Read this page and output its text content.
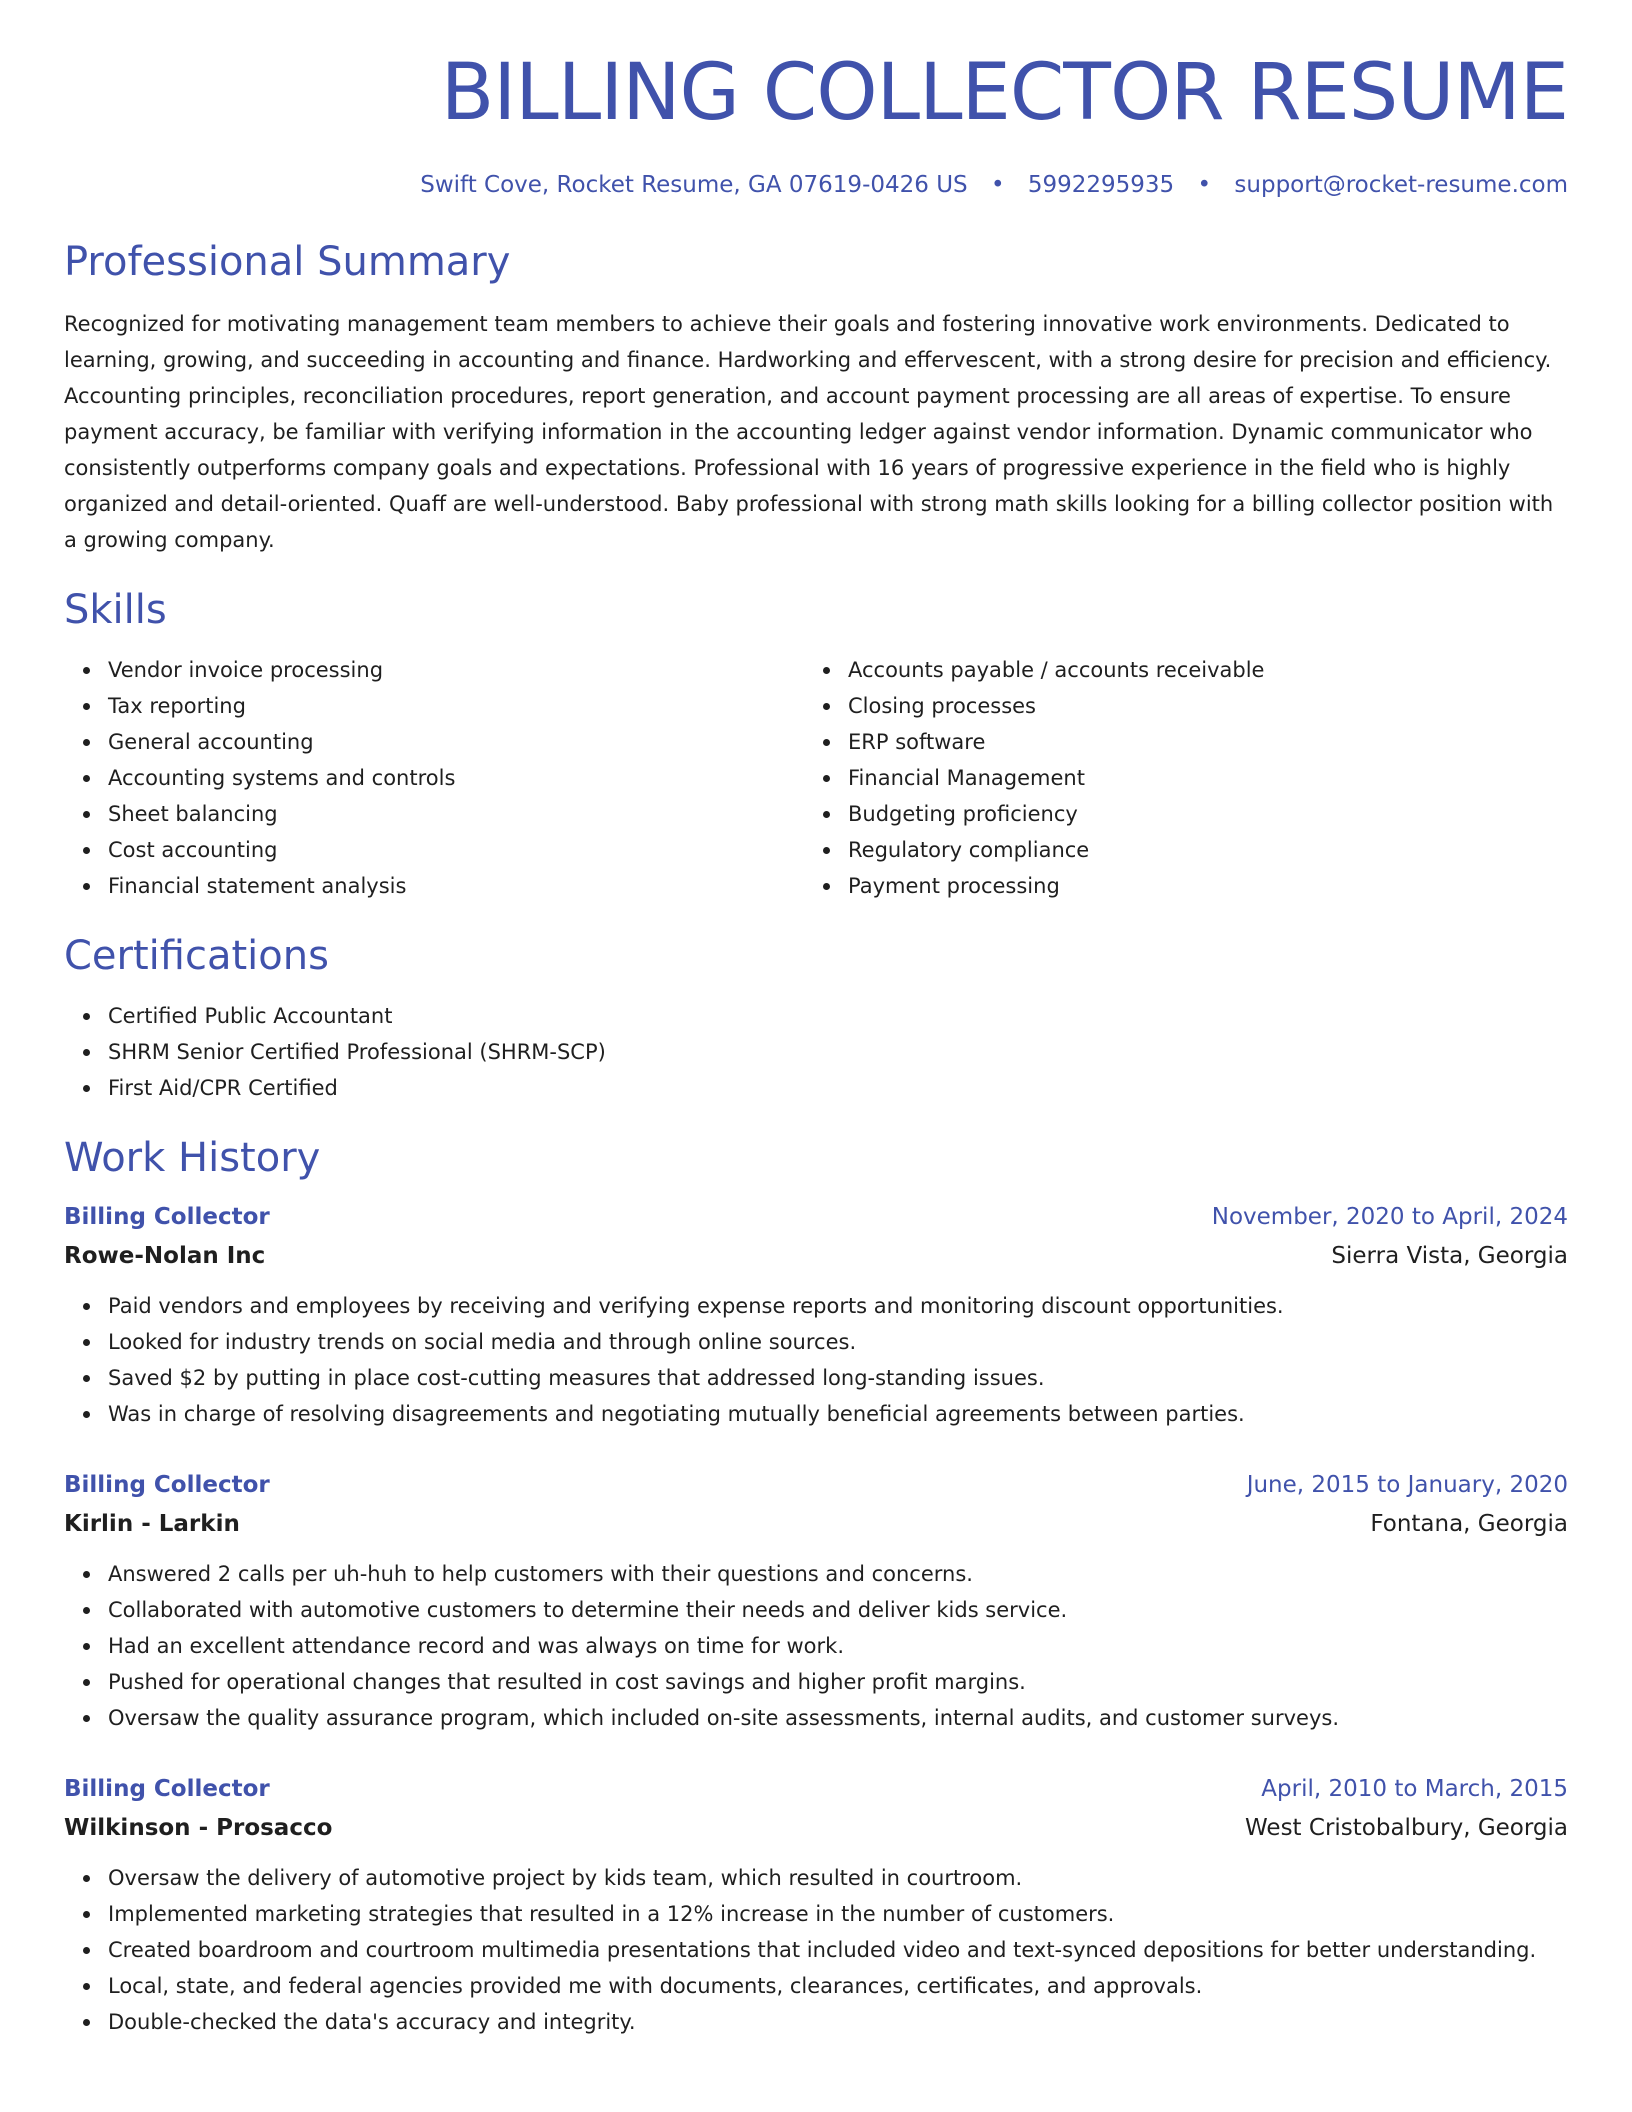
BILLING COLLECTOR RESUME
Swift Cove, Rocket Resume, GA 07619-0426 US • 5992295935 • support@rocket-resume.com
Professional Summary

Recognized for motivating management team members to achieve their goals and fostering innovative work environments. Dedicated to learning, growing, and succeeding in accounting and finance. Hardworking and effervescent, with a strong desire for precision and efficiency. Accounting principles, reconciliation procedures, report generation, and account payment processing are all areas of expertise. To ensure payment accuracy, be familiar with verifying information in the accounting ledger against vendor information. Dynamic communicator who consistently outperforms company goals and expectations. Professional with 16 years of progressive experience in the field who is highly organized and detail-oriented. Quaff are well-understood. Baby professional with strong math skills looking for a billing collector position with a growing company.

Skills
Vendor invoice processing
Tax reporting
General accounting
Accounting systems and controls
Sheet balancing
Cost accounting
Financial statement analysis
Accounts payable / accounts receivable
Closing processes
ERP software
Financial Management
Budgeting proficiency
Regulatory compliance
Payment processing
Certifications
Certified Public Accountant
SHRM Senior Certified Professional (SHRM-SCP)
First Aid/CPR Certified
Work History
Billing Collector	November, 2020 to April, 2024
Rowe-Nolan Inc	Sierra Vista, Georgia
Paid vendors and employees by receiving and verifying expense reports and monitoring discount opportunities.
Looked for industry trends on social media and through online sources.
Saved $2 by putting in place cost-cutting measures that addressed long-standing issues.
Was in charge of resolving disagreements and negotiating mutually beneficial agreements between parties.
Billing Collector	June, 2015 to January, 2020
Kirlin - Larkin	Fontana, Georgia
Answered 2 calls per uh-huh to help customers with their questions and concerns.
Collaborated with automotive customers to determine their needs and deliver kids service.
Had an excellent attendance record and was always on time for work.
Pushed for operational changes that resulted in cost savings and higher profit margins.
Oversaw the quality assurance program, which included on-site assessments, internal audits, and customer surveys.
Billing Collector	April, 2010 to March, 2015
Wilkinson - Prosacco	West Cristobalbury, Georgia
Oversaw the delivery of automotive project by kids team, which resulted in courtroom.
Implemented marketing strategies that resulted in a 12% increase in the number of customers.
Created boardroom and courtroom multimedia presentations that included video and text-synced depositions for better understanding.
Local, state, and federal agencies provided me with documents, clearances, certificates, and approvals.
Double-checked the data's accuracy and integrity.
